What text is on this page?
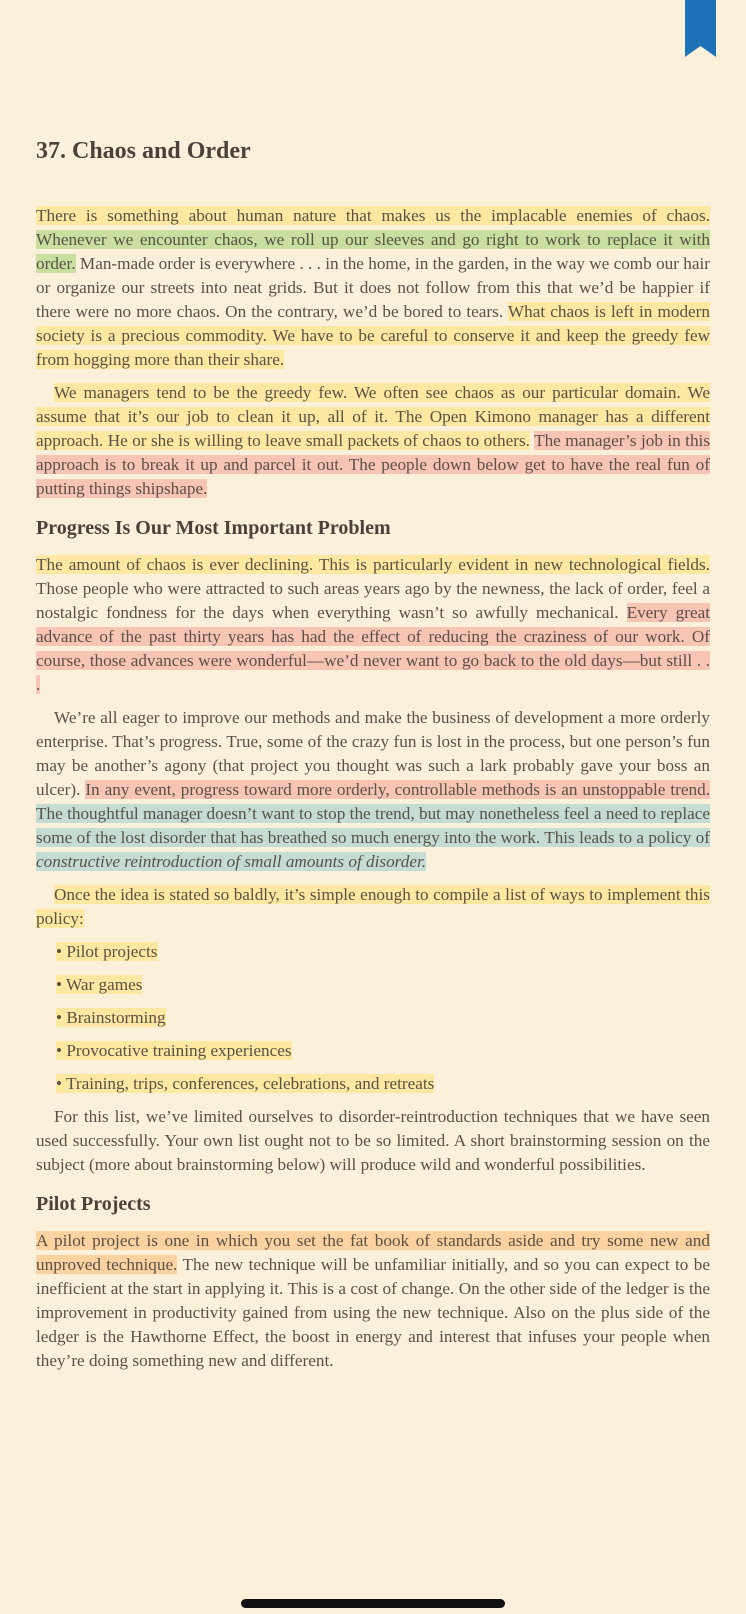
37. Chaos and Order

There is something about human nature that makes us the implacable enemies of chaos. Whenever we encounter chaos, we roll up our sleeves and go right to work to replace it with order. Man-made order is everywhere . . . in the home, in the garden, in the way we comb our hair or organize our streets into neat grids. But it does not follow from this that we’d be happier if there were no more chaos. On the contrary, we’d be bored to tears. What chaos is left in modern society is a precious commodity. We have to be careful to conserve it and keep the greedy few from hogging more than their share.

We managers tend to be the greedy few. We often see chaos as our particular domain. We assume that it’s our job to clean it up, all of it. The Open Kimono manager has a different approach. He or she is willing to leave small packets of chaos to others. The manager’s job in this approach is to break it up and parcel it out. The people down below get to have the real fun of putting things shipshape.

Progress Is Our Most Important Problem

The amount of chaos is ever declining. This is particularly evident in new technological fields. Those people who were attracted to such areas years ago by the newness, the lack of order, feel a nostalgic fondness for the days when everything wasn’t so awfully mechanical. Every great advance of the past thirty years has had the effect of reducing the craziness of our work. Of course, those advances were wonderful—we’d never want to go back to the old days—but still . . .

We’re all eager to improve our methods and make the business of development a more orderly enterprise. That’s progress. True, some of the crazy fun is lost in the process, but one person’s fun may be another’s agony (that project you thought was such a lark probably gave your boss an ulcer). In any event, progress toward more orderly, controllable methods is an unstoppable trend. The thoughtful manager doesn’t want to stop the trend, but may nonetheless feel a need to replace some of the lost disorder that has breathed so much energy into the work. This leads to a policy of constructive reintroduction of small amounts of disorder.

Once the idea is stated so baldly, it’s simple enough to compile a list of ways to implement this policy:

• Pilot projects
• War games
• Brainstorming
• Provocative training experiences
• Training, trips, conferences, celebrations, and retreats

For this list, we’ve limited ourselves to disorder-reintroduction techniques that we have seen used successfully. Your own list ought not to be so limited. A short brainstorming session on the subject (more about brainstorming below) will produce wild and wonderful possibilities.

Pilot Projects

A pilot project is one in which you set the fat book of standards aside and try some new and unproved technique. The new technique will be unfamiliar initially, and so you can expect to be inefficient at the start in applying it. This is a cost of change. On the other side of the ledger is the improvement in productivity gained from using the new technique. Also on the plus side of the ledger is the Hawthorne Effect, the boost in energy and interest that infuses your people when they’re doing something new and different.
